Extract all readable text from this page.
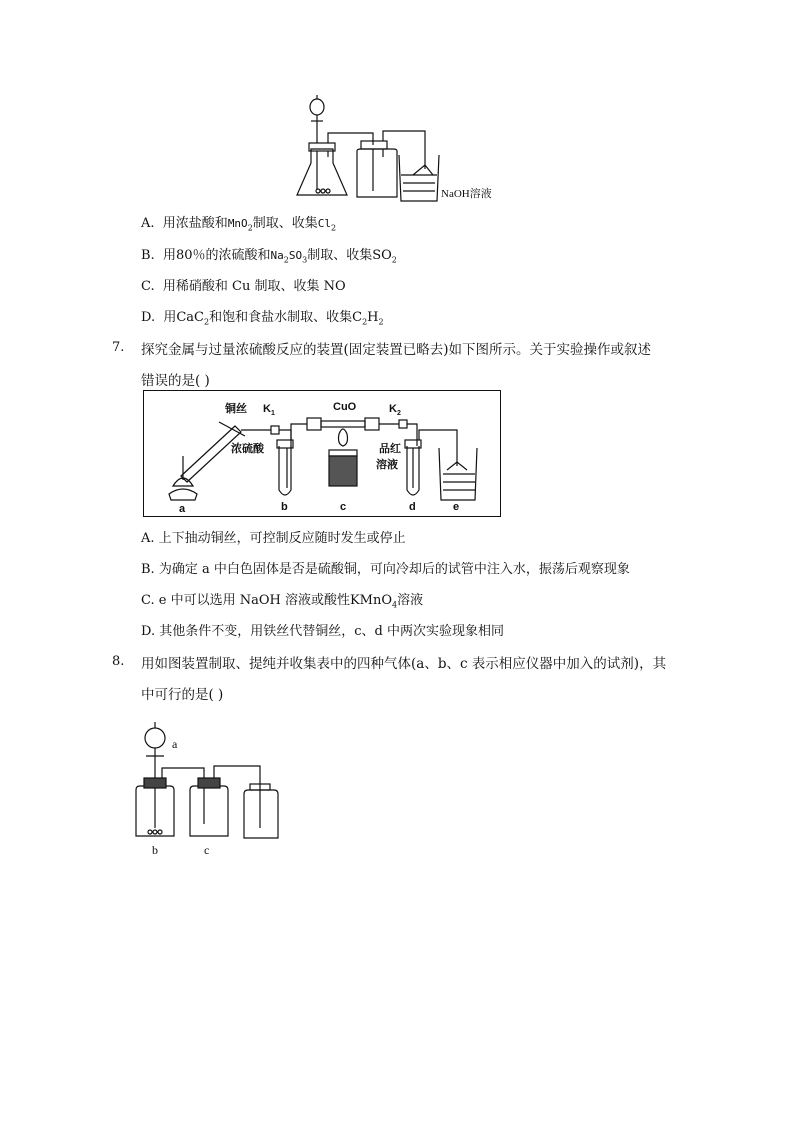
NaOH溶液
A. 用浓盐酸和MnO$_2$制取、收集$Cl_2$
B. 用80％的浓硫酸和$Na_2SO_3$制取、收集$SO_2$
C. 用稀硝酸和 Cu 制取、收集 NO
D. 用CaC$_2$和饱和食盐水制取、收集$C_2H_2$
7. 探究金属与过量浓硫酸反应的装置(固定装置已略去)如下图所示。关于实验操作或叙述
错误的是( )
铜丝 K 1
CuO	K 2
浓硫酸	品红
溶液
a	b	c	d	e
A. 上下抽动铜丝，可控制反应随时发生或停止
B. 为确定 a 中白色固体是否是硫酸铜，可向冷却后的试管中注入水，振荡后观察现象
C. e 中可以选用 NaOH 溶液或酸性KMnO$_4$溶液
D. 其他条件不变，用铁丝代替铜丝，c、d 中两次实验现象相同
8. 用如图装置制取、提纯并收集表中的四种气体(a、b、c 表示相应仪器中加入的试剂)，其
中可行的是( )
a
b	c
